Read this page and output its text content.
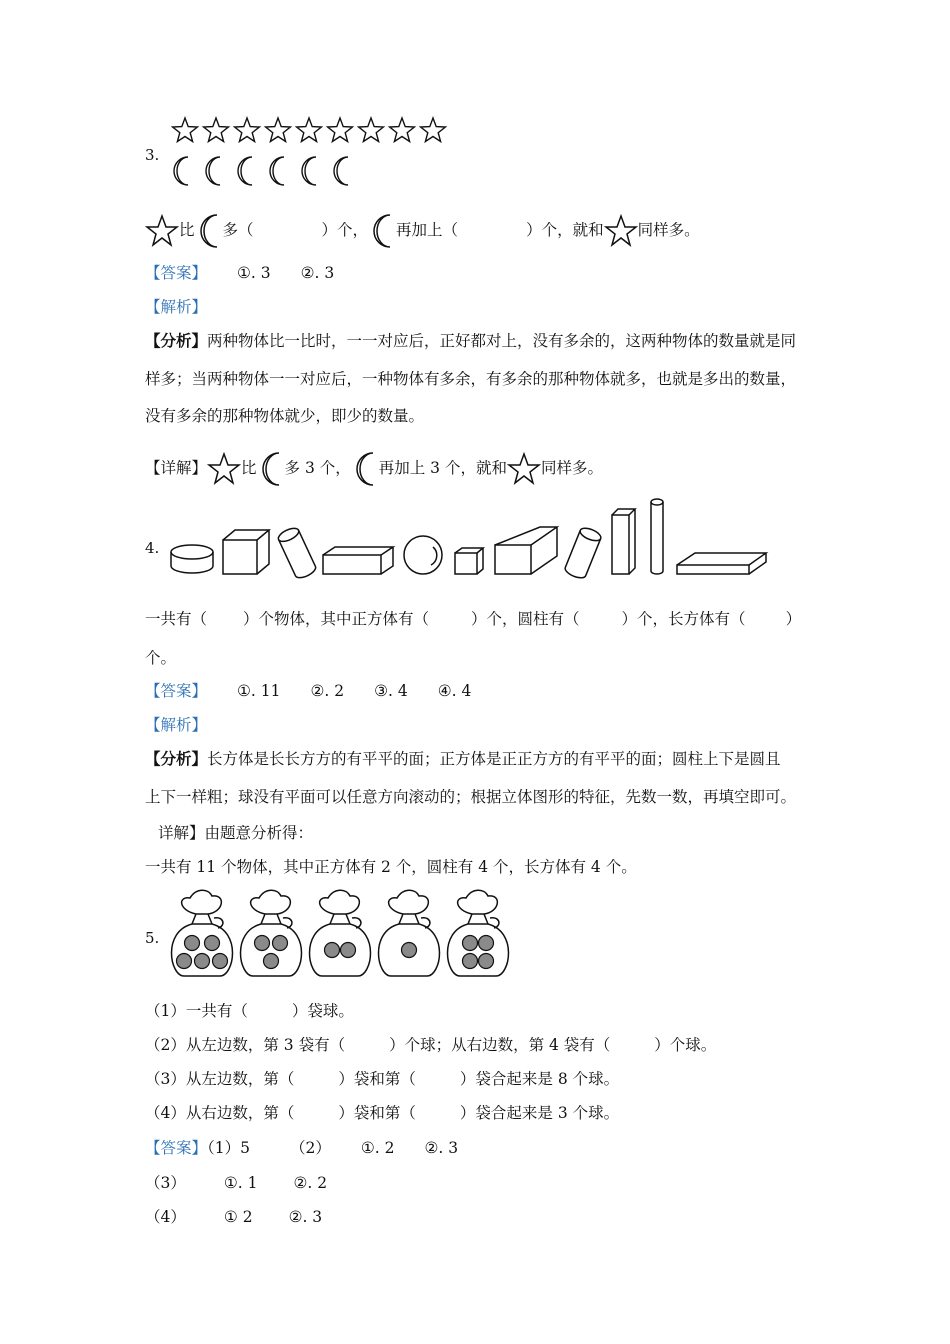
3.
比 多（	）个， 再加上（	）个，就和 同样多。
【答案】 ①. 3 ②. 3
【解析】
【分析】两种物体比一比时，一一对应后，正好都对上，没有多余的，这两种物体的数量就是同
样多；当两种物体一一对应后，一种物体有多余，有多余的那种物体就多，也就是多出的数量，
没有多余的那种物体就少，即少的数量。
【详解】 比 多 3 个， 再加上 3 个，就和 同样多。
4.
一共有（ ）个物体，其中正方体有（	）个，圆柱有（	）个，长方体有（	）
个。
【答案】 ①. 11 ②. 2 ③. 4 ④. 4
【解析】
【分析】长方体是长长方方的有平平的面；正方体是正正方方的有平平的面；圆柱上下是圆且
上下一样粗；球没有平面可以任意方向滚动的；根据立体图形的特征，先数一数，再填空即可。
详解】由题意分析得：
一共有 11 个物体，其中正方体有 2 个，圆柱有 4 个，长方体有 4 个。
5.
（1）一共有（	）袋球。
（2）从左边数，第 3 袋有（	）个球；从右边数，第 4 袋有（	）个球。
（3）从左边数，第（	）袋和第（	）袋合起来是 8 个球。
（4）从右边数，第（	）袋和第（	）袋合起来是 3 个球。
【答案】（1）5	（2） ①. 2 ②. 3
（3） ①. 1 ②. 2
（4） ① 2 ②. 3
